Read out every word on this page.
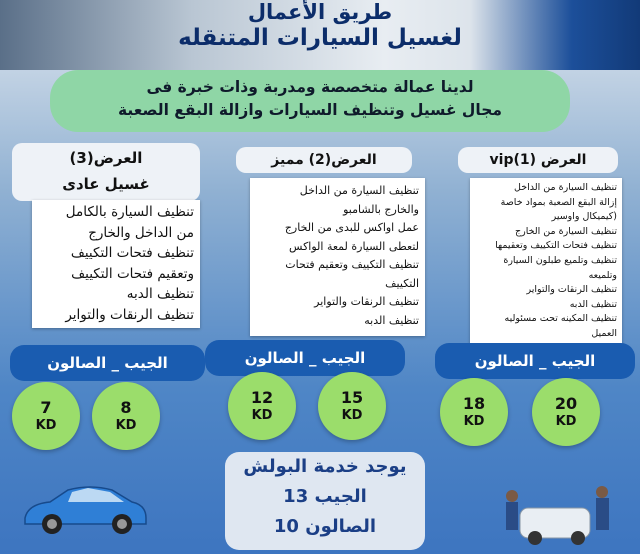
طريق الأعمال
لغسيل السيارات المتنقله
لدينا عمالة متخصصة ومدربة وذات خبرة فى
مجال غسيل وتنظيف السيارات وازالة البقع الصعبة
العرض (1)vip
تنظيف السيارة من الداخل
إزالة البقع الصعبة بمواد خاصة
(كيميكال واوسير
تنظيف السيارة من الخارج
تنظيف فتحات التكييف وتعقيمها
تنظيف وتلميع طبلون السيارة
وتلميعه
تنظيف الرنقات والتواير
تنظيف الدبه
تنظيف المكينه تحت مسئوليه
العميل
الجيب _ الصالون
20
KD
18
KD
العرض(2) مميز
تنظيف السيارة من الداخل
والخارج بالشامبو
عمل اواكس للبدى من الخارج
لتعطى السيارة لمعة الواكس
تنظيف التكييف وتعقيم فتحات
التكييف
تنظيف الرنقات والتواير
تنظيف الدبه
الجيب _ الصالون
15
KD
12
KD
العرض(3)
غسيل عادى
تنظيف السيارة بالكامل
من الداخل والخارج
تنظيف فتحات التكييف
وتعقيم فتحات التكييف
تنظيف الدبه
تنظيف الرنقات والتواير
الجيب _ الصالون
8
KD
7
KD
يوجد خدمة البولش
الجيب 13
الصالون 10
